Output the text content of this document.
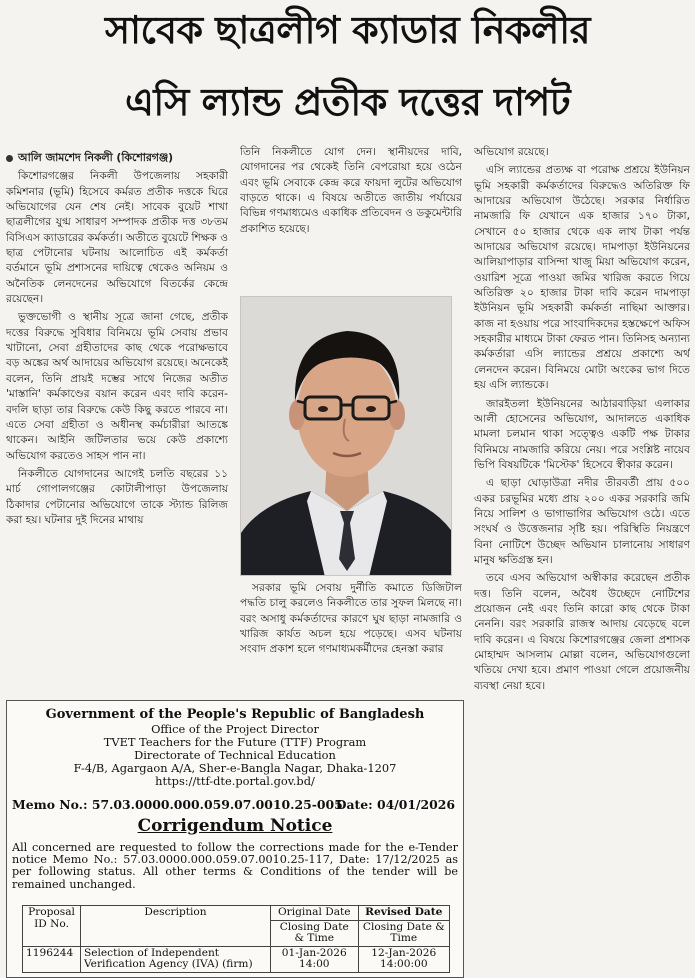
সাবেক ছাত্রলীগ ক্যাডার নিকলীর
এসি ল্যান্ড প্রতীক দত্তের দাপট

আলি জামশেদ নিকলী (কিশোরগঞ্জ)

কিশোরগঞ্জের নিকলী উপজেলায় সহকারী কমিশনার (ভূমি) হিসেবে কর্মরত প্রতীক দত্তকে ঘিরে অভিযোগের যেন শেষ নেই। সাবেক বুয়েট শাখা ছাত্রলীগের যুগ্ম সাধারণ সম্পাদক প্রতীক দত্ত ৩৮তম বিসিএস ক্যাডারের কর্মকর্তা। অতীতে বুয়েটে শিক্ষক ও ছাত্র পেটানোর ঘটনায় আলোচিত এই কর্মকর্তা বর্তমানে ভূমি প্রশাসনের দায়িত্বে থেকেও অনিয়ম ও অনৈতিক লেনদেনের অভিযোগে বিতর্কের কেন্দ্রে রয়েছেন।

ভুক্তভোগী ও স্থানীয় সূত্রে জানা গেছে, প্রতীক দত্তের বিরুদ্ধে সুবিধার বিনিময়ে ভূমি সেবায় প্রভাব খাটানো, সেবা গ্রহীতাদের কাছ থেকে পরোক্ষভাবে বড় অঙ্কের অর্থ আদায়ের অভিযোগ রয়েছে। অনেকেই বলেন, তিনি প্রায়ই দম্ভের সাথে নিজের অতীত 'মাস্তানি' কর্মকাণ্ডের বয়ান করেন এবং দাবি করেন- বদলি ছাড়া তার বিরুদ্ধে কেউ কিছু করতে পারবে না। এতে সেবা গ্রহীতা ও অধীনস্থ কর্মচারীরা আতঙ্কে থাকেন। আইনি জটিলতার ভয়ে কেউ প্রকাশ্যে অভিযোগ করতেও সাহস পান না।

নিকলীতে যোগদানের আগেই চলতি বছরের ১১ মার্চ গোপালগঞ্জের কোটালীপাড়া উপজেলায় ঠিকাদার পেটানোর অভিযোগে তাকে স্ট্যান্ড রিলিজ করা হয়। ঘটনার দুই দিনের মাথায়

তিনি নিকলীতে যোগ দেন। স্থানীয়দের দাবি, যোগদানের পর থেকেই তিনি বেপরোয়া হয়ে ওঠেন এবং ভূমি সেবাকে কেন্দ্র করে ফায়দা লুটের অভিযোগ বাড়তে থাকে। এ বিষয়ে অতীতে জাতীয় পর্যায়ের বিভিন্ন গণমাধ্যমেও একাধিক প্রতিবেদন ও ডকুমেন্টারি প্রকাশিত হয়েছে।

সরকার ভূমি সেবায় দুর্নীতি কমাতে ডিজিটাল পদ্ধতি চালু করলেও নিকলীতে তার সুফল মিলছে না। বরং অসাধু কর্মকর্তাদের কারণে ঘুষ ছাড়া নামজারি ও খারিজ কার্যত অচল হয়ে পড়েছে। এসব ঘটনায় সংবাদ প্রকাশ হলে গণমাধ্যমকর্মীদের হেনস্তা করার

অভিযোগ রয়েছে।

এসি ল্যান্ডের প্রত্যক্ষ বা পরোক্ষ প্রশ্রয়ে ইউনিয়ন ভূমি সহকারী কর্মকর্তাদের বিরুদ্ধেও অতিরিক্ত ফি আদায়ের অভিযোগ উঠেছে। সরকার নির্ধারিত নামজারি ফি যেখানে এক হাজার ১৭০ টাকা, সেখানে ৫০ হাজার থেকে এক লাখ টাকা পর্যন্ত আদায়ের অভিযোগ রয়েছে। দামপাড়া ইউনিয়নের আলিয়াপাড়ার বাসিন্দা খাজু মিয়া অভিযোগ করেন, ওয়ারিশ সূত্রে পাওয়া জমির খারিজ করতে গিয়ে অতিরিক্ত ২০ হাজার টাকা দাবি করেন দামপাড়া ইউনিয়ন ভূমি সহকারী কর্মকর্তা নাছিমা আক্তার। কাজ না হওয়ায় পরে সাংবাদিকদের হস্তক্ষেপে অফিস সহকারীর মাধ্যমে টাকা ফেরত পান। তিনিসহ অন্যান্য কর্মকর্তারা এসি ল্যান্ডের প্রশ্রয়ে প্রকাশ্যে অর্থ লেনদেন করেন। বিনিময়ে মোটা অংকের ভাগ দিতে হয় এসি ল্যান্ডকে।

জারইতলা ইউনিয়নের আঠারবাড়িয়া এলাকার আলী হোসেনের অভিযোগ, আদালতে একাধিক মামলা চলমান থাকা সত্ত্বেও একটি পক্ষ টাকার বিনিময়ে নামজারি করিয়ে নেয়। পরে সংশ্লিষ্ট নায়েব ভিপি বিষয়টিকে 'মিস্টেক' হিসেবে স্বীকার করেন।

এ ছাড়া ঘোড়াউত্রা নদীর তীরবর্তী প্রায় ৫০০ একর চরভূমির মধ্যে প্রায় ২০০ একর সরকারি জমি নিয়ে সালিশ ও ভাগাভাগির অভিযোগ ওঠে। এতে সংঘর্ষ ও উত্তেজনার সৃষ্টি হয়। পরিস্থিতি নিয়ন্ত্রণে বিনা নোটিশে উচ্ছেদ অভিযান চালানোয় সাধারণ মানুষ ক্ষতিগ্রস্ত হন।

তবে এসব অভিযোগ অস্বীকার করেছেন প্রতীক দত্ত। তিনি বলেন, অবৈধ উচ্ছেদে নোটিশের প্রয়োজন নেই এবং তিনি কারো কাছ থেকে টাকা নেননি। বরং সরকারি রাজস্ব আদায় বেড়েছে বলে দাবি করেন। এ বিষয়ে কিশোরগঞ্জের জেলা প্রশাসক মোহাম্মদ আসলাম মোল্লা বলেন, অভিযোগগুলো খতিয়ে দেখা হবে। প্রমাণ পাওয়া গেলে প্রয়োজনীয় ব্যবস্থা নেয়া হবে।

Government of the People's Republic of Bangladesh
Office of the Project Director
TVET Teachers for the Future (TTF) Program
Directorate of Technical Education
F-4/B, Agargaon A/A, Sher-e-Bangla Nagar, Dhaka-1207
https://ttf-dte.portal.gov.bd/
Memo No.: 57.03.0000.000.059.07.0010.25-005
Date: 04/01/2026
Corrigendum Notice
All concerned are requested to follow the corrections made for the e-Tender notice Memo No.: 57.03.0000.000.059.07.0010.25-117, Date: 17/12/2025 as per following status. All other terms & Conditions of the tender will be remained unchanged.
Proposal ID No.	Description	Original Date	Revised Date
		Closing Date & Time	Closing Date & Time
1196244	Selection of Independent Verification Agency (IVA) (firm)	01-Jan-2026 14:00	12-Jan-2026 14:00:00
